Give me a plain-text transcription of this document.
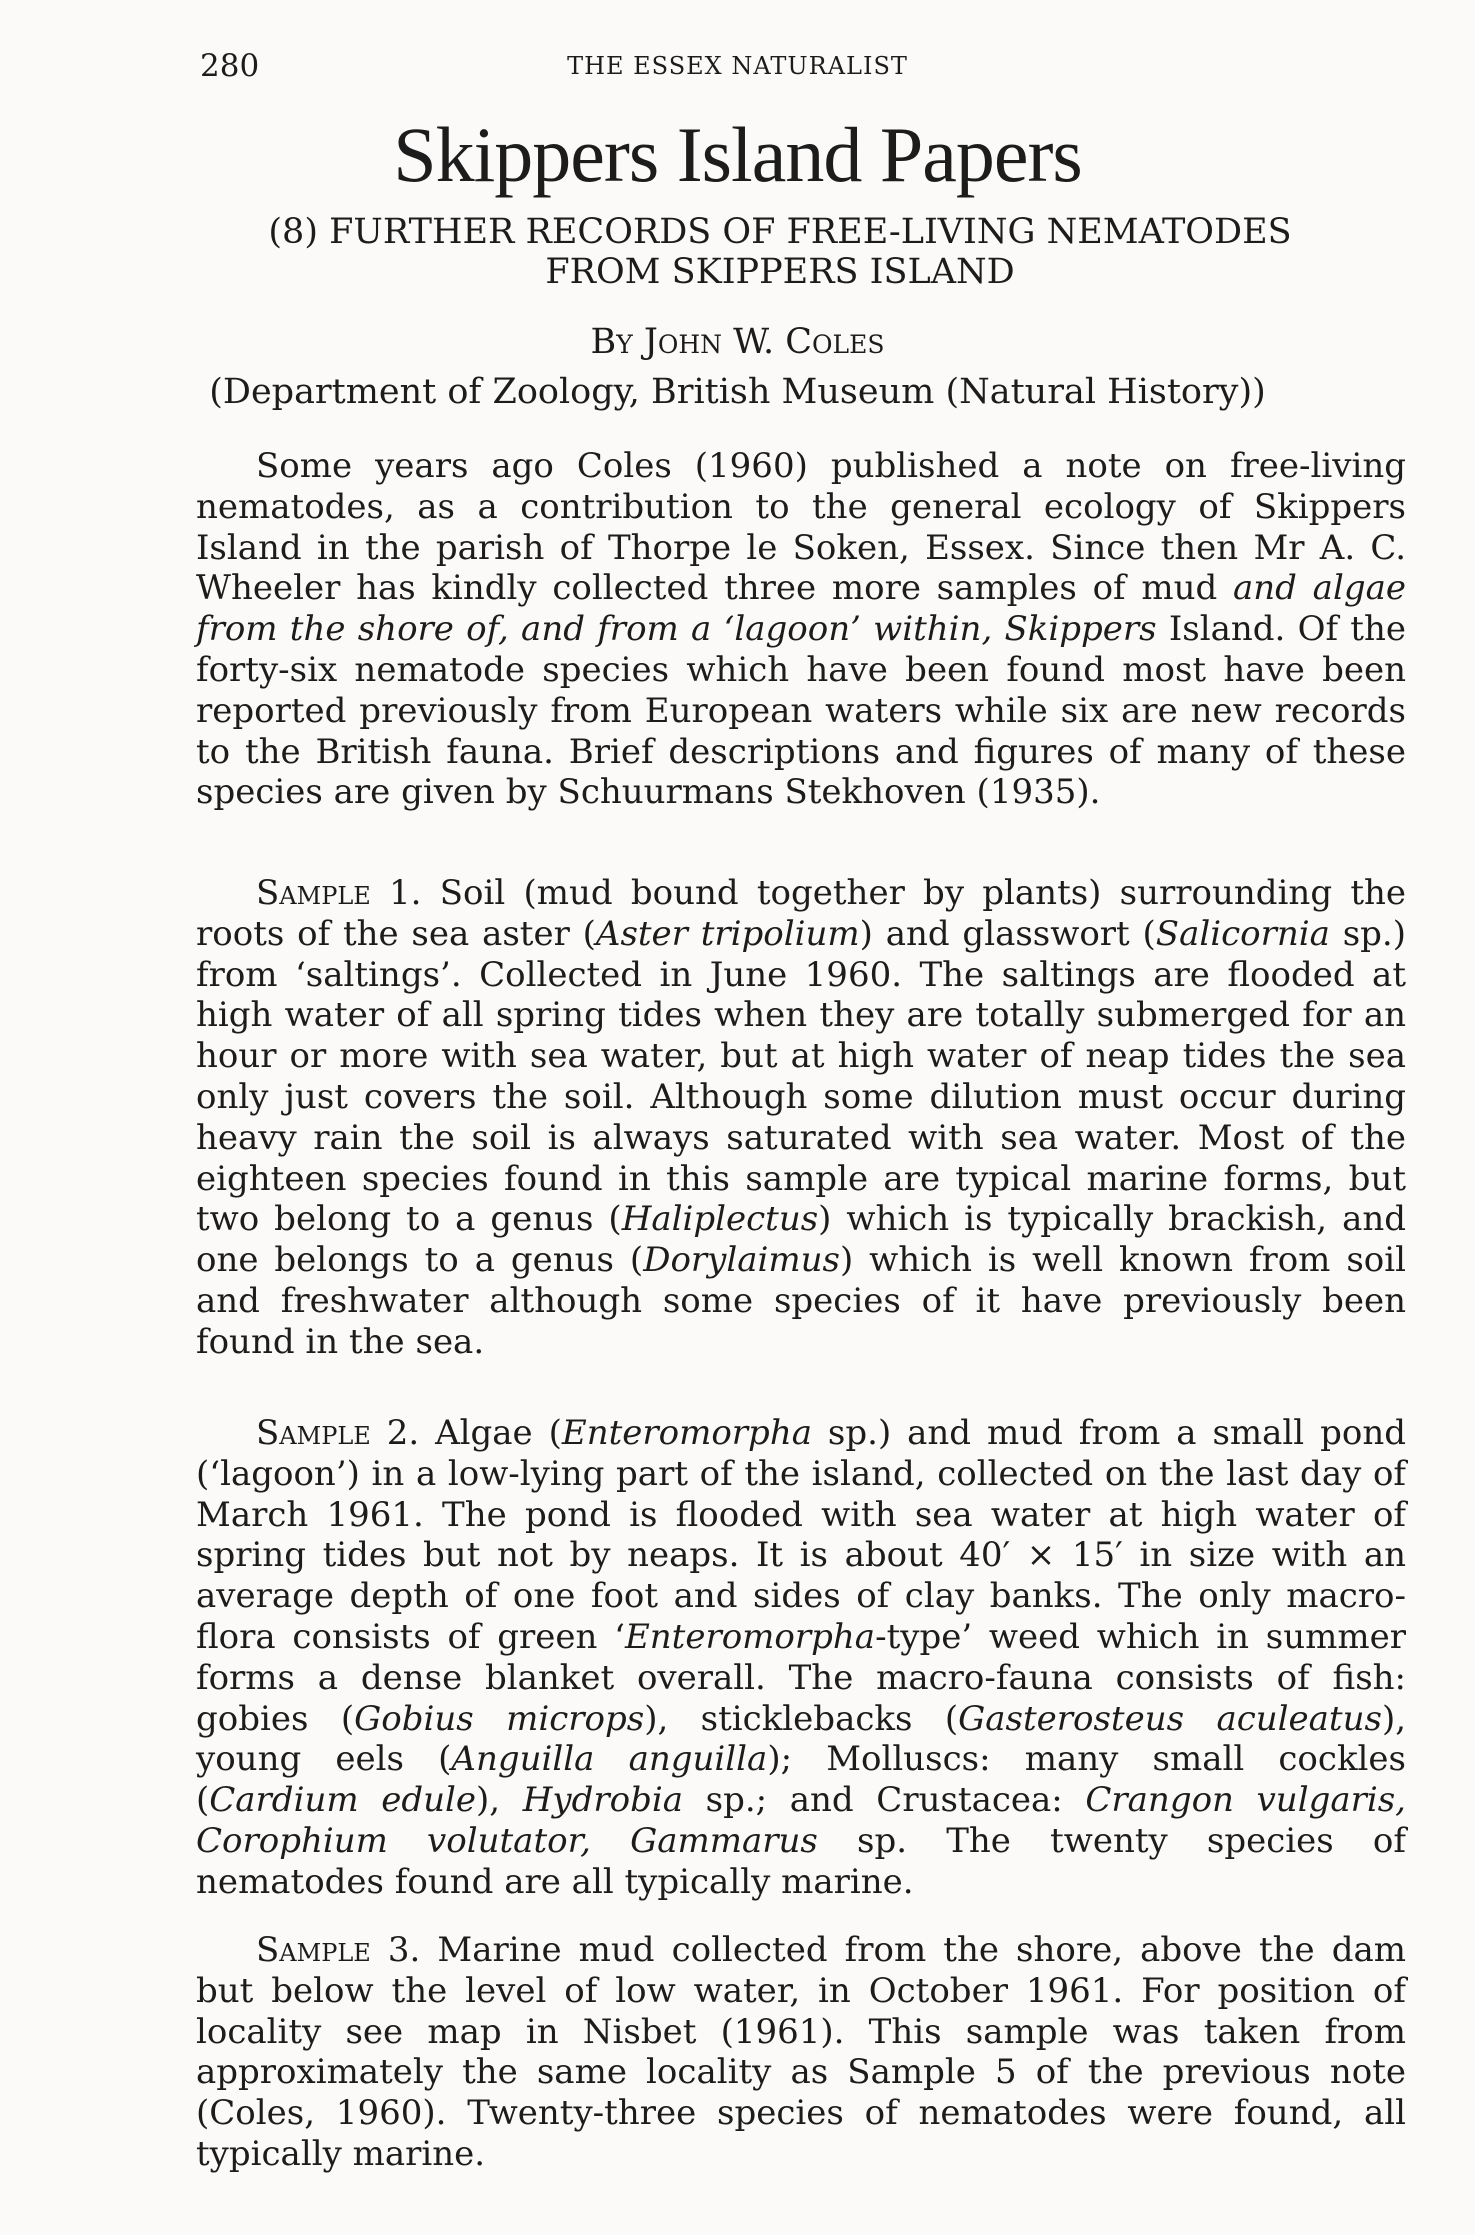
280	THE ESSEX NATURALIST
Skippers Island Papers
(8) FURTHER RECORDS OF FREE-LIVING NEMATODES
FROM SKIPPERS ISLAND
By John W. Coles
(Department of Zoology, British Museum (Natural History))

Some years ago Coles (1960) published a note on free-living nematodes, as a contribution to the general ecology of Skippers Island in the parish of Thorpe le Soken, Essex. Since then Mr A. C. Wheeler has kindly collected three more samples of mud and algae from the shore of, and from a ‘lagoon’ within, Skippers Island. Of the forty-six nematode species which have been found most have been reported previously from European waters while six are new records to the British fauna. Brief descriptions and figures of many of these species are given by Schuurmans Stekhoven (1935).

Sample 1. Soil (mud bound together by plants) surrounding the roots of the sea aster (Aster tripolium) and glasswort (Salicornia sp.) from ‘saltings’. Collected in June 1960. The saltings are flooded at high water of all spring tides when they are totally submerged for an hour or more with sea water, but at high water of neap tides the sea only just covers the soil. Although some dilution must occur during heavy rain the soil is always saturated with sea water. Most of the eighteen species found in this sample are typical marine forms, but two belong to a genus (Haliplectus) which is typically brackish, and one belongs to a genus (Dorylaimus) which is well known from soil and freshwater although some species of it have previously been found in the sea.

Sample 2. Algae (Enteromorpha sp.) and mud from a small pond (‘lagoon’) in a low-lying part of the island, collected on the last day of March 1961. The pond is flooded with sea water at high water of spring tides but not by neaps. It is about 40′ × 15′ in size with an average depth of one foot and sides of clay banks. The only macro-flora consists of green ‘Enteromorpha-type’ weed which in summer forms a dense blanket overall. The macro-fauna consists of fish: gobies (Gobius microps), sticklebacks (Gasterosteus aculeatus), young eels (Anguilla anguilla); Molluscs: many small cockles (Cardium edule), Hydrobia sp.; and Crustacea: Crangon vulgaris, Corophium volutator, Gammarus sp. The twenty species of nematodes found are all typically marine.

Sample 3. Marine mud collected from the shore, above the dam but below the level of low water, in October 1961. For position of locality see map in Nisbet (1961). This sample was taken from approximately the same locality as Sample 5 of the previous note (Coles, 1960). Twenty-three species of nematodes were found, all typically marine.
